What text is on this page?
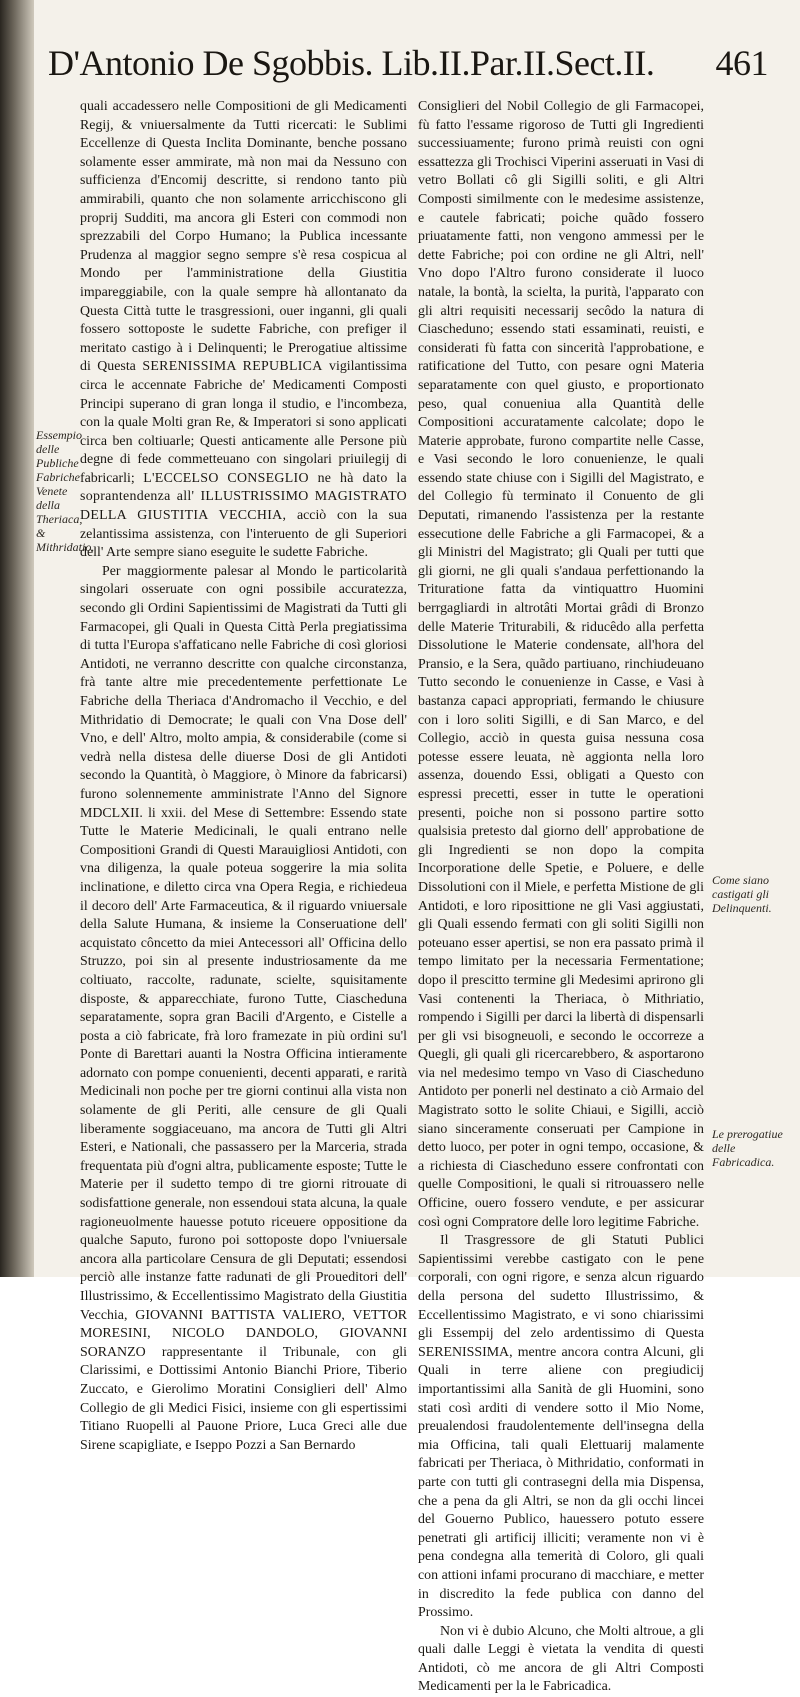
D'Antonio De Sgobbis. Lib.II.Par.II.Sect.II. 461

quali accadessero nelle Compositioni de gli Medicamenti Regij, & vniuersalmente da Tutti ricercati: le Sublimi Eccellenze di Questa Inclita Dominante, benche possano solamente esser ammirate, mà non mai da Nessuno con sufficienza d'Encomij descritte, si rendono tanto più ammirabili, quanto che non solamente arricchiscono gli proprij Sudditi, ma ancora gli Esteri con commodi non sprezzabili del Corpo Humano; la Publica incessante Prudenza al maggior segno sempre s'è resa cospicua al Mondo per l'amministratione della Giustitia impareggiabile, con la quale sempre hà allontanato da Questa Città tutte le trasgressioni, ouer inganni, gli quali fossero sottoposte le sudette Fabriche, con prefiger il meritato castigo à i Delinquenti; le Prerogatiue altissime di Questa SERENISSIMA REPUBLICA vigilantissima circa le accennate Fabriche de' Medicamenti Composti Principi superano di gran longa il studio, e l'incombeza, con la quale Molti gran Re, & Imperatori si sono applicati circa ben coltiuarle; Questi anticamente alle Persone più degne di fede commetteuano con singolari priuilegij di fabricarli; L'ECCELSO CONSEGLIO ne hà dato la soprantendenza all' ILLUSTRISSIMO MAGISTRATO DELLA GIUSTITIA VECCHIA, acciò con la sua zelantissima assistenza, con l'interuento de gli Superiori dell' Arte sempre siano eseguite le sudette Fabriche.

Per maggiormente palesar al Mondo le particolarità singolari osseruate con ogni possibile accuratezza, secondo gli Ordini Sapientissimi de Magistrati da Tutti gli Farmacopei, gli Quali in Questa Città Perla pregiatissima di tutta l'Europa s'affaticano nelle Fabriche di così gloriosi Antidoti, ne verranno descritte con qualche circonstanza, frà tante altre mie precedentemente perfettionate Le Fabriche della Theriaca d'Andromacho il Vecchio, e del Mithridatio di Democrate; le quali con Vna Dose dell' Vno, e dell' Altro, molto ampia, & considerabile (come si vedrà nella distesa delle diuerse Dosi de gli Antidoti secondo la Quantità, ò Maggiore, ò Minore da fabricarsi) furono solennemente amministrate l'Anno del Signore MDCLXII. li xxii. del Mese di Settembre: Essendo state Tutte le Materie Medicinali, le quali entrano nelle Compositioni Grandi di Questi Marauigliosi Antidoti, con vna diligenza, la quale poteua soggerire la mia solita inclinatione, e diletto circa vna Opera Regia, e richiedeua il decoro dell' Arte Farmaceutica, & il riguardo vniuersale della Salute Humana, & insieme la Conseruatione dell' acquistato côncetto da miei Antecessori all' Officina dello Struzzo, poi sin al presente industriosamente da me coltiuato, raccolte, radunate, scielte, squisitamente disposte, & apparecchiate, furono Tutte, Ciascheduna separatamente, sopra gran Bacili d'Argento, e Cistelle a posta a ciò fabricate, frà loro framezate in più ordini su'l Ponte di Barettari auanti la Nostra Officina intieramente adornato con pompe conuenienti, decenti apparati, e rarità Medicinali non poche per tre giorni continui alla vista non solamente de gli Periti, alle censure de gli Quali liberamente soggiaceuano, ma ancora de Tutti gli Altri Esteri, e Nationali, che passassero per la Marceria, strada frequentata più d'ogni altra, publicamente esposte; Tutte le Materie per il sudetto tempo di tre giorni ritrouate di sodisfattione generale, non essendoui stata alcuna, la quale ragioneuolmente hauesse potuto riceuere oppositione da qualche Saputo, furono poi sottoposte dopo l'vniuersale ancora alla particolare Censura de gli Deputati; essendosi perciò alle instanze fatte radunati de gli Proueditori dell' Illustrissimo, & Eccellentissimo Magistrato della Giustitia Vecchia, GIOVANNI BATTISTA VALIERO, VETTOR MORESINI, NICOLO DANDOLO, GIOVANNI SORANZO rappresentante il Tribunale, con gli Clarissimi, e Dottissimi Antonio Bianchi Priore, Tiberio Zuccato, e Gierolimo Moratini Consiglieri dell' Almo Collegio de gli Medici Fisici, insieme con gli espertissimi Titiano Ruopelli al Pauone Priore, Luca Greci alle due Sirene scapigliate, e Iseppo Pozzi a San Bernardo

Consiglieri del Nobil Collegio de gli Farmacopei, fù fatto l'essame rigoroso de Tutti gli Ingredienti successiuamente; furono primà reuisti con ogni essattezza gli Trochisci Viperini asseruati in Vasi di vetro Bollati cô gli Sigilli soliti, e gli Altri Composti similmente con le medesime assistenze, e cautele fabricati; poiche quãdo fossero priuatamente fatti, non vengono ammessi per le dette Fabriche; poi con ordine ne gli Altri, nell' Vno dopo l'Altro furono considerate il luoco natale, la bontà, la scielta, la purità, l'apparato con gli altri requisiti necessarij secôdo la natura di Ciascheduno; essendo stati essaminati, reuisti, e considerati fù fatta con sincerità l'approbatione, e ratificatione del Tutto, con pesare ogni Materia separatamente con quel giusto, e proportionato peso, qual conueniua alla Quantità delle Compositioni accuratamente calcolate; dopo le Materie approbate, furono compartite nelle Casse, e Vasi secondo le loro conuenienze, le quali essendo state chiuse con i Sigilli del Magistrato, e del Collegio fù terminato il Conuento de gli Deputati, rimanendo l'assistenza per la restante essecutione delle Fabriche a gli Farmacopei, & a gli Ministri del Magistrato; gli Quali per tutti que gli giorni, ne gli quali s'andaua perfettionando la Trituratione fatta da vintiquattro Huomini berrgagliardi in altrotâti Mortai grâdi di Bronzo delle Materie Triturabili, & riducêdo alla perfetta Dissolutione le Materie condensate, all'hora del Pransio, e la Sera, quãdo partiuano, rinchiudeuano Tutto secondo le conuenienze in Casse, e Vasi à bastanza capaci appropriati, fermando le chiusure con i loro soliti Sigilli, e di San Marco, e del Collegio, acciò in questa guisa nessuna cosa potesse essere leuata, nè aggionta nella loro assenza, douendo Essi, obligati a Questo con espressi precetti, esser in tutte le operationi presenti, poiche non si possono partire sotto qualsisia pretesto dal giorno dell' approbatione de gli Ingredienti se non dopo la compita Incorporatione delle Spetie, e Poluere, e delle Dissolutioni con il Miele, e perfetta Mistione de gli Antidoti, e loro riposittione ne gli Vasi aggiustati, gli Quali essendo fermati con gli soliti Sigilli non poteuano esser apertisi, se non era passato primà il tempo limitato per la necessaria Fermentatione; dopo il prescitto termine gli Medesimi aprirono gli Vasi contenenti la Theriaca, ò Mithriatio, rompendo i Sigilli per darci la libertà di dispensarli per gli vsi bisogneuoli, e secondo le occorreze a Quegli, gli quali gli ricercarebbero, & asportarono via nel medesimo tempo vn Vaso di Ciascheduno Antidoto per ponerli nel destinato a ciò Armaio del Magistrato sotto le solite Chiaui, e Sigilli, acciò siano sinceramente conseruati per Campione in detto luoco, per poter in ogni tempo, occasione, & a richiesta di Ciascheduno essere confrontati con quelle Compositioni, le quali si ritrouassero nelle Officine, ouero fossero vendute, e per assicurar così ogni Compratore delle loro legitime Fabriche.

Il Trasgressore de gli Statuti Publici Sapientissimi verebbe castigato con le pene corporali, con ogni rigore, e senza alcun riguardo della persona del sudetto Illustrissimo, & Eccellentissimo Magistrato, e vi sono chiarissimi gli Essempij del zelo ardentissimo di Questa SERENISSIMA, mentre ancora contra Alcuni, gli Quali in terre aliene con pregiudicij importantissimi alla Sanità de gli Huomini, sono stati così arditi di vendere sotto il Mio Nome, preualendosi fraudolentemente dell'insegna della mia Officina, tali quali Elettuarij malamente fabricati per Theriaca, ò Mithridatio, conformati in parte con tutti gli contrasegni della mia Dispensa, che a pena da gli Altri, se non da gli occhi lincei del Gouerno Publico, hauessero potuto essere penetrati gli artificij illiciti; veramente non vi è pena condegna alla temerità di Coloro, gli quali con attioni infami procurano di macchiare, e metter in discredito la fede publica con danno del Prossimo.

Non vi è dubio Alcuno, che Molti altroue, a gli quali dalle Leggi è vietata la vendita di questi Antidoti, cò me ancora de gli Altri Composti Medicamenti per la le Fabricadica.

Essempio delle Publiche Fabriche Venete della Theriaca, & Mithridatio.
Come siano castigati gli Delinquenti.
Le prerogatiue delle Fabricadica.
